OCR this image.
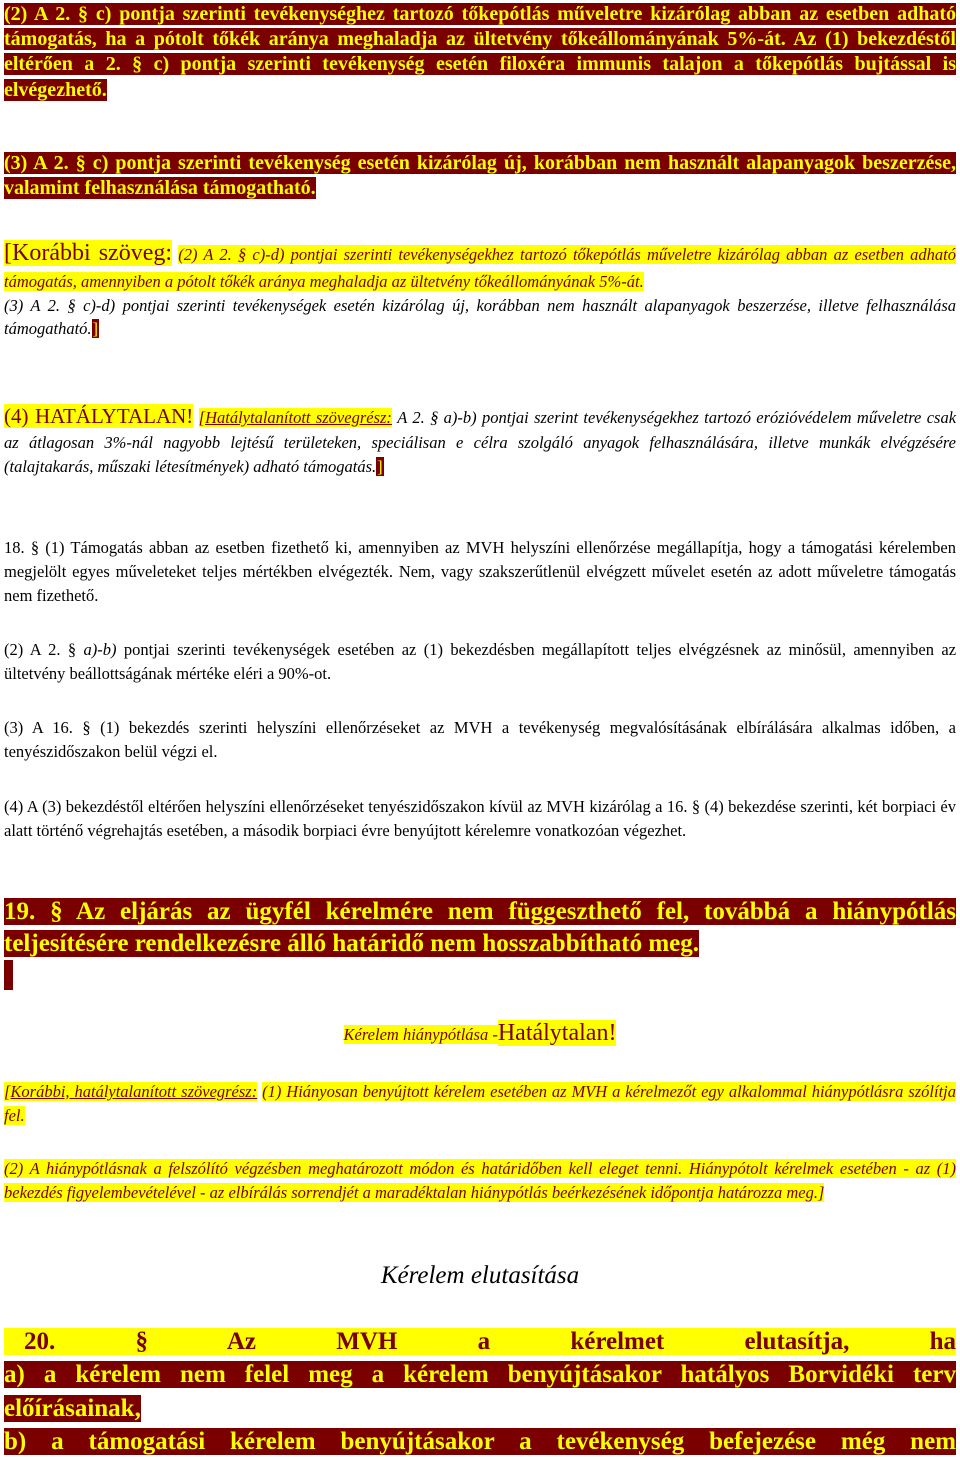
(2) A 2. § c) pontja szerinti tevékenységhez tartozó tőkepótlás műveletre kizárólag abban az esetben adható támogatás, ha a pótolt tőkék aránya meghaladja az ültetvény tőkeállományának 5%-át. Az (1) bekezdéstől eltérően a 2. § c) pontja szerinti tevékenység esetén filoxéra immunis talajon a tőkepótlás bujtással is elvégezhető.
(3) A 2. § c) pontja szerinti tevékenység esetén kizárólag új, korábban nem használt alapanyagok beszerzése, valamint felhasználása támogatható.
[Korábbi szöveg: (2) A 2. § c)-d) pontjai szerinti tevékenységekhez tartozó tőkepótlás műveletre kizárólag abban az esetben adható támogatás, amennyiben a pótolt tőkék aránya meghaladja az ültetvény tőkeállományának 5%-át.
(3) A 2. § c)-d) pontjai szerinti tevékenységek esetén kizárólag új, korábban nem használt alapanyagok beszerzése, illetve felhasználása támogatható.]
(4) HATÁLYTALAN! [Hatálytalanított szövegrész: A 2. § a)-b) pontjai szerint tevékenységekhez tartozó erózióvédelem műveletre csak az átlagosan 3%-nál nagyobb lejtésű területeken, speciálisan e célra szolgáló anyagok felhasználására, illetve munkák elvégzésére (talajtakarás, műszaki létesítmények) adható támogatás.]
18. § (1) Támogatás abban az esetben fizethető ki, amennyiben az MVH helyszíni ellenőrzése megállapítja, hogy a támogatási kérelemben megjelölt egyes műveleteket teljes mértékben elvégezték. Nem, vagy szakszerűtlenül elvégzett művelet esetén az adott műveletre támogatás nem fizethető.
(2) A 2. § a)-b) pontjai szerinti tevékenységek esetében az (1) bekezdésben megállapított teljes elvégzésnek az minősül, amennyiben az ültetvény beállottságának mértéke eléri a 90%-ot.
(3) A 16. § (1) bekezdés szerinti helyszíni ellenőrzéseket az MVH a tevékenység megvalósításának elbírálására alkalmas időben, a tenyészidőszakon belül végzi el.
(4) A (3) bekezdéstől eltérően helyszíni ellenőrzéseket tenyészidőszakon kívül az MVH kizárólag a 16. § (4) bekezdése szerinti, két borpiaci év alatt történő végrehajtás esetében, a második borpiaci évre benyújtott kérelemre vonatkozóan végezhet.
19. § Az eljárás az ügyfél kérelmére nem függeszthető fel, továbbá a hiánypótlás teljesítésére rendelkezésre álló határidő nem hosszabbítható meg.
Kérelem hiánypótlása -Hatálytalan!
[Korábbi, hatálytalanított szövegrész: (1) Hiányosan benyújtott kérelem esetében az MVH a kérelmezőt egy alkalommal hiánypótlásra szólítja fel.
(2) A hiánypótlásnak a felszólító végzésben meghatározott módon és határidőben kell eleget tenni. Hiánypótolt kérelmek esetében - az (1) bekezdés figyelembevételével - az elbírálás sorrendjét a maradéktalan hiánypótlás beérkezésének időpontja határozza meg.]
Kérelem elutasítása
20. § Az MVH a kérelmet elutasítja, ha
a) a kérelem nem felel meg a kérelem benyújtásakor hatályos Borvidéki terv előírásainak,
b) a támogatási kérelem benyújtásakor a tevékenység befejezése még nem
